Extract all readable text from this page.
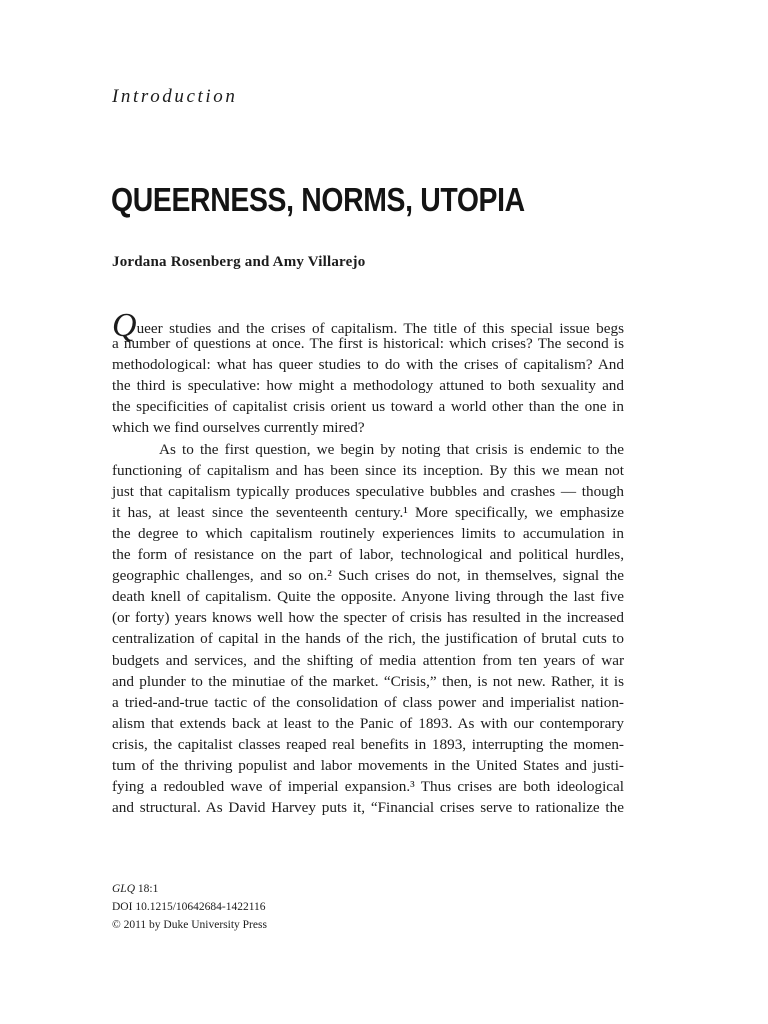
Introduction
QUEERNESS, NORMS, UTOPIA
Jordana Rosenberg and Amy Villarejo
Queer studies and the crises of capitalism. The title of this special issue begs
a number of questions at once. The first is historical: which crises? The second is
methodological: what has queer studies to do with the crises of capitalism? And
the third is speculative: how might a methodology attuned to both sexuality and
the specificities of capitalist crisis orient us toward a world other than the one in
which we find ourselves currently mired?
As to the first question, we begin by noting that crisis is endemic to the
functioning of capitalism and has been since its inception. By this we mean not
just that capitalism typically produces speculative bubbles and crashes — though
it has, at least since the seventeenth century.¹ More specifically, we emphasize
the degree to which capitalism routinely experiences limits to accumulation in
the form of resistance on the part of labor, technological and political hurdles,
geographic challenges, and so on.² Such crises do not, in themselves, signal the
death knell of capitalism. Quite the opposite. Anyone living through the last five
(or forty) years knows well how the specter of crisis has resulted in the increased
centralization of capital in the hands of the rich, the justification of brutal cuts to
budgets and services, and the shifting of media attention from ten years of war
and plunder to the minutiae of the market. “Crisis,” then, is not new. Rather, it is
a tried-and-true tactic of the consolidation of class power and imperialist nation-
alism that extends back at least to the Panic of 1893. As with our contemporary
crisis, the capitalist classes reaped real benefits in 1893, interrupting the momen-
tum of the thriving populist and labor movements in the United States and justi-
fying a redoubled wave of imperial expansion.³ Thus crises are both ideological
and structural. As David Harvey puts it, “Financial crises serve to rationalize the
GLQ 18:1
DOI 10.1215/10642684-1422116
© 2011 by Duke University Press
